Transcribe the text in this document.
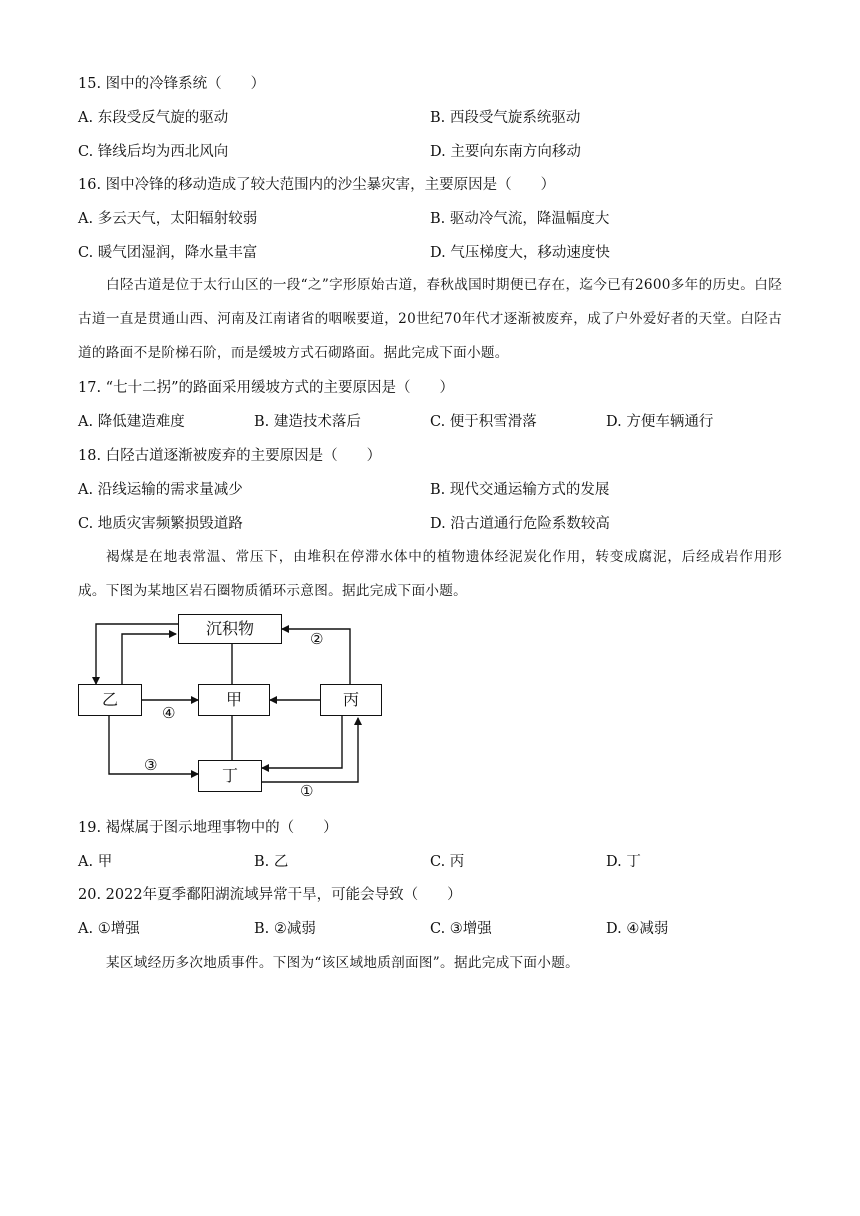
15. 图中的冷锋系统（　　）
A. 东段受反气旋的驱动	B. 西段受气旋系统驱动
C. 锋线后均为西北风向	D. 主要向东南方向移动
16. 图中冷锋的移动造成了较大范围内的沙尘暴灾害，主要原因是（　　）
A. 多云天气，太阳辐射较弱	B. 驱动冷气流，降温幅度大
C. 暖气团湿润，降水量丰富	D. 气压梯度大，移动速度快
白陉古道是位于太行山区的一段“之”字形原始古道，春秋战国时期便已存在，迄今已有2600多年的历史。白陉古道一直是贯通山西、河南及江南诸省的咽喉要道，20世纪70年代才逐渐被废弃，成了户外爱好者的天堂。白陉古道的路面不是阶梯石阶，而是缓坡方式石砌路面。据此完成下面小题。
17. “七十二拐”的路面采用缓坡方式的主要原因是（　　）
A. 降低建造难度	B. 建造技术落后	C. 便于积雪滑落	D. 方便车辆通行
18. 白陉古道逐渐被废弃的主要原因是（　　）
A. 沿线运输的需求量减少	B. 现代交通运输方式的发展
C. 地质灾害频繁损毁道路	D. 沿古道通行危险系数较高
褐煤是在地表常温、常压下，由堆积在停滞水体中的植物遗体经泥炭化作用，转变成腐泥，后经成岩作用形成。下图为某地区岩石圈物质循环示意图。据此完成下面小题。
沉积物
乙	甲	丙
丁
②
④
③
①
19. 褐煤属于图示地理事物中的（　　）
A. 甲	B. 乙	C. 丙	D. 丁
20. 2022年夏季鄱阳湖流域异常干旱，可能会导致（　　）
A. ①增强	B. ②减弱	C. ③增强	D. ④减弱
某区域经历多次地质事件。下图为“该区域地质剖面图”。据此完成下面小题。
